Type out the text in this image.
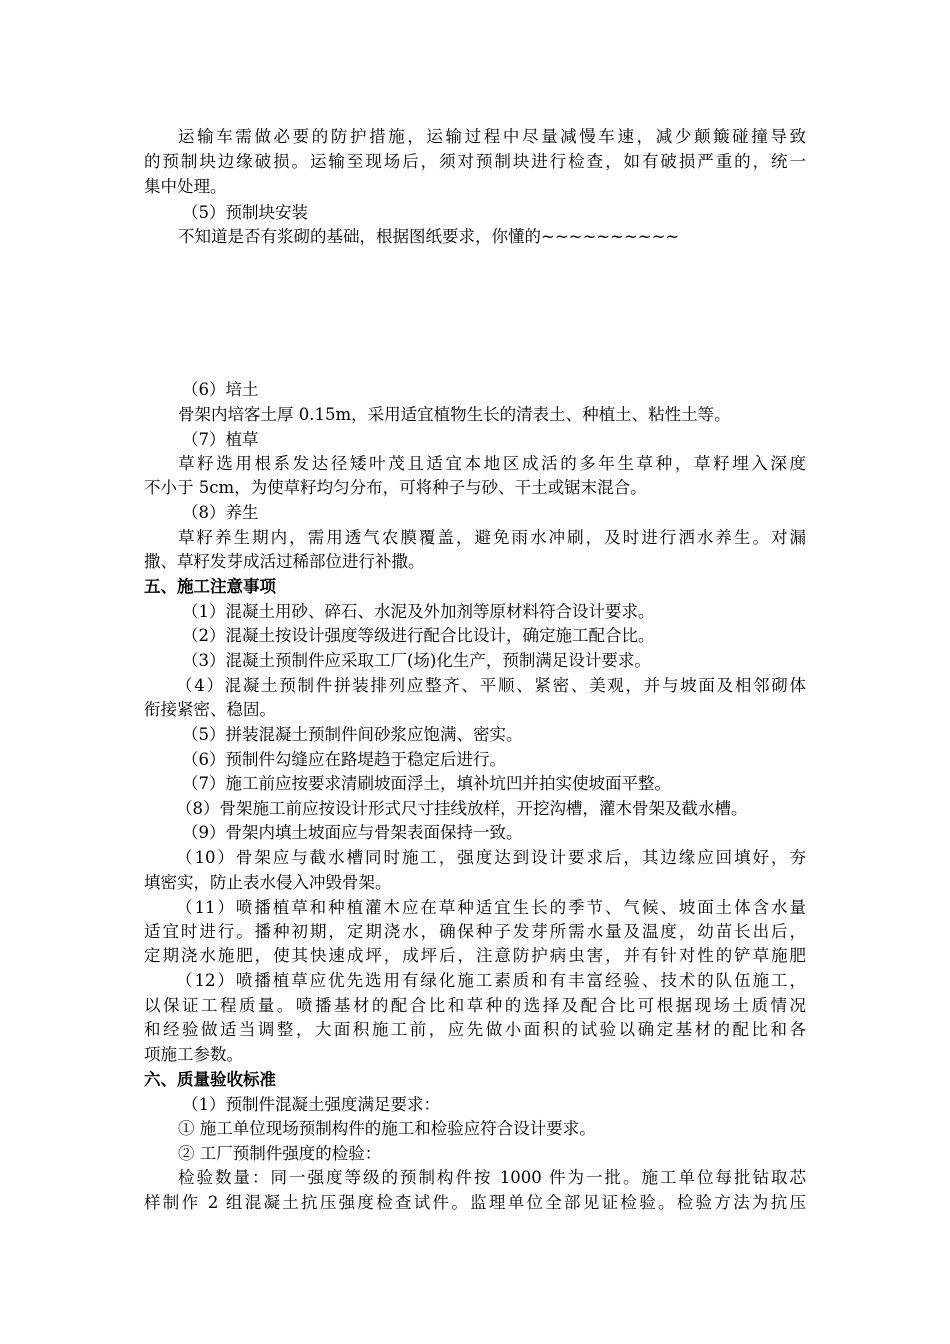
运输车需做必要的防护措施，运输过程中尽量减慢车速，减少颠簸碰撞导致
的预制块边缘破损。运输至现场后，须对预制块进行检查，如有破损严重的，统一
集中处理。
（5）预制块安装
不知道是否有浆砌的基础，根据图纸要求，你懂的~~~~~~~~~~
（6）培土
骨架内培客土厚 0.15m，采用适宜植物生长的清表土、种植土、粘性土等。
（7）植草
草籽选用根系发达径矮叶茂且适宜本地区成活的多年生草种，草籽埋入深度
不小于 5cm，为使草籽均匀分布，可将种子与砂、干土或锯末混合。
（8）养生
草籽养生期内，需用透气农膜覆盖，避免雨水冲刷，及时进行洒水养生。对漏
撒、草籽发芽成活过稀部位进行补撒。
五、施工注意事项
（1）混凝土用砂、碎石、水泥及外加剂等原材料符合设计要求。
（2）混凝土按设计强度等级进行配合比设计，确定施工配合比。
（3）混凝土预制件应采取工厂(场)化生产，预制满足设计要求。
（4）混凝土预制件拼装排列应整齐、平顺、紧密、美观，并与坡面及相邻砌体
衔接紧密、稳固。
（5）拼装混凝土预制件间砂浆应饱满、密实。
（6）预制件勾缝应在路堤趋于稳定后进行。
（7）施工前应按要求清刷坡面浮土，填补坑凹并拍实使坡面平整。
（8）骨架施工前应按设计形式尺寸挂线放样，开挖沟槽，灌木骨架及截水槽。
（9）骨架内填土坡面应与骨架表面保持一致。
（10）骨架应与截水槽同时施工，强度达到设计要求后，其边缘应回填好，夯
填密实，防止表水侵入冲毁骨架。
（11）喷播植草和种植灌木应在草种适宜生长的季节、气候、坡面土体含水量
适宜时进行。播种初期，定期浇水，确保种子发芽所需水量及温度，幼苗长出后，
定期浇水施肥，使其快速成坪，成坪后，注意防护病虫害，并有针对性的铲草施肥
（12）喷播植草应优先选用有绿化施工素质和有丰富经验、技术的队伍施工，
以保证工程质量。喷播基材的配合比和草种的选择及配合比可根据现场土质情况
和经验做适当调整，大面积施工前，应先做小面积的试验以确定基材的配比和各
项施工参数。
六、质量验收标准
（1）预制件混凝土强度满足要求：
① 施工单位现场预制构件的施工和检验应符合设计要求。
② 工厂预制件强度的检验：
检验数量：同一强度等级的预制构件按 1000 件为一批。施工单位每批钻取芯
样制作 2 组混凝土抗压强度检查试件。监理单位全部见证检验。检验方法为抗压
